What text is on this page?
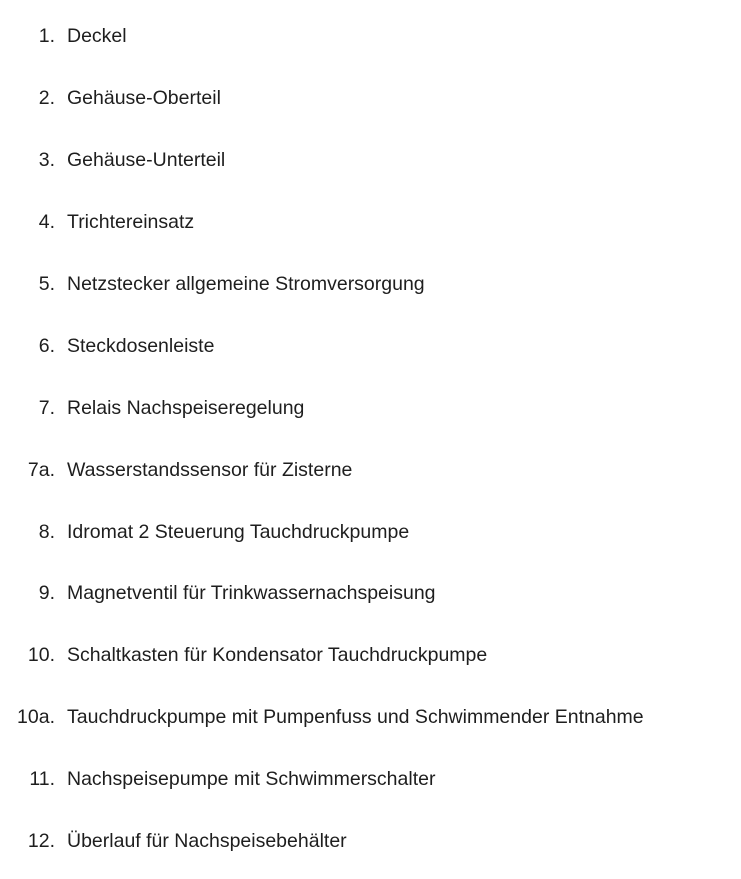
1. Deckel
2. Gehäuse-Oberteil
3. Gehäuse-Unterteil
4. Trichtereinsatz
5. Netzstecker allgemeine Stromversorgung
6. Steckdosenleiste
7. Relais Nachspeiseregelung
7a. Wasserstandssensor für Zisterne
8. Idromat 2 Steuerung Tauchdruckpumpe
9. Magnetventil für Trinkwassernachspeisung
10. Schaltkasten für Kondensator Tauchdruckpumpe
10a. Tauchdruckpumpe mit Pumpenfuss und Schwimmender Entnahme
11. Nachspeisepumpe mit Schwimmerschalter
12. Überlauf für Nachspeisebehälter
